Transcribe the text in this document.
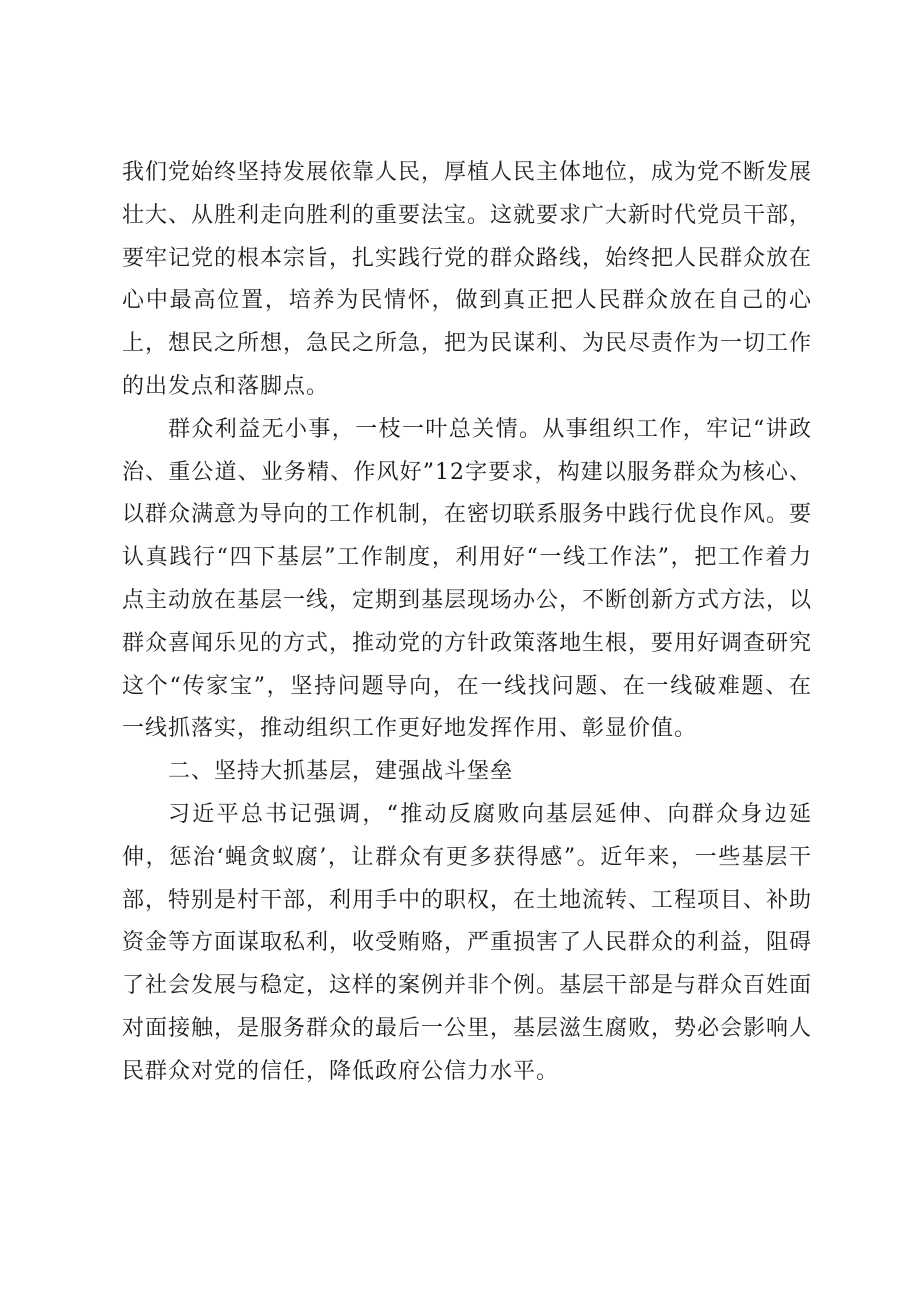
我们党始终坚持发展依靠人民，厚植人民主体地位，成为党不断发展壮大、从胜利走向胜利的重要法宝。这就要求广大新时代党员干部，要牢记党的根本宗旨，扎实践行党的群众路线，始终把人民群众放在心中最高位置，培养为民情怀，做到真正把人民群众放在自己的心上，想民之所想，急民之所急，把为民谋利、为民尽责作为一切工作的出发点和落脚点。

群众利益无小事，一枝一叶总关情。从事组织工作，牢记“讲政治、重公道、业务精、作风好”12字要求，构建以服务群众为核心、以群众满意为导向的工作机制，在密切联系服务中践行优良作风。要认真践行“四下基层”工作制度，利用好“一线工作法”，把工作着力点主动放在基层一线，定期到基层现场办公，不断创新方式方法，以群众喜闻乐见的方式，推动党的方针政策落地生根，要用好调查研究这个“传家宝”，坚持问题导向，在一线找问题、在一线破难题、在一线抓落实，推动组织工作更好地发挥作用、彰显价值。

二、坚持大抓基层，建强战斗堡垒

习近平总书记强调，“推动反腐败向基层延伸、向群众身边延伸，惩治‘蝇贪蚁腐’，让群众有更多获得感”。近年来，一些基层干部，特别是村干部，利用手中的职权，在土地流转、工程项目、补助资金等方面谋取私利，收受贿赂，严重损害了人民群众的利益，阻碍了社会发展与稳定，这样的案例并非个例。基层干部是与群众百姓面对面接触，是服务群众的最后一公里，基层滋生腐败，势必会影响人民群众对党的信任，降低政府公信力水平。
